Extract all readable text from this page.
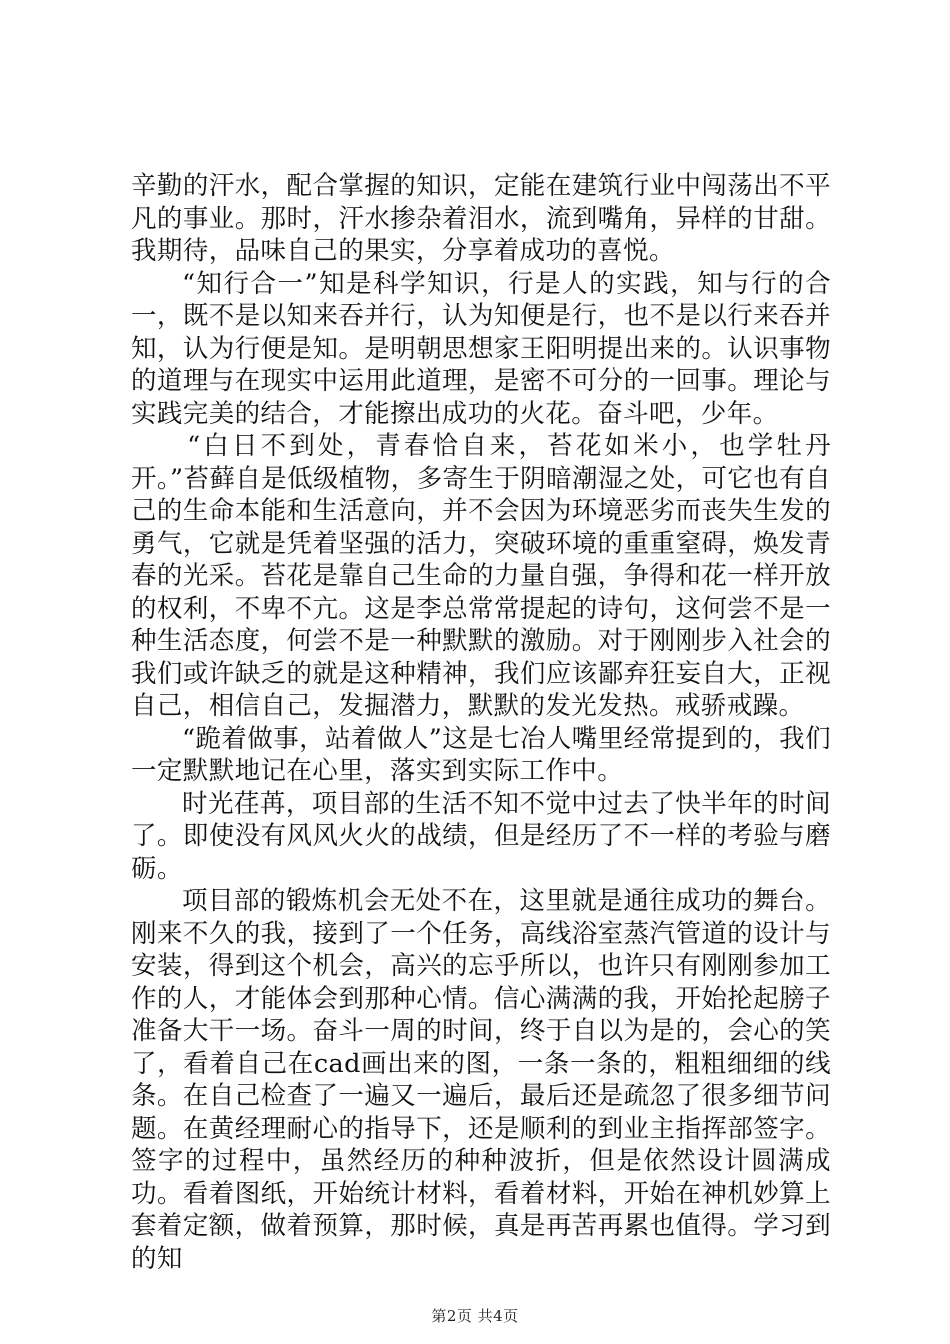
辛勤的汗水，配合掌握的知识，定能在建筑行业中闯荡出不平凡的事业。那时，汗水掺杂着泪水，流到嘴角，异样的甘甜。我期待，品味自己的果实，分享着成功的喜悦。

“知行合一”知是科学知识，行是人的实践，知与行的合一，既不是以知来吞并行，认为知便是行，也不是以行来吞并知，认为行便是知。是明朝思想家王阳明提出来的。认识事物的道理与在现实中运用此道理，是密不可分的一回事。理论与实践完美的结合，才能擦出成功的火花。奋斗吧，少年。

“白日不到处，青春恰自来，苔花如米小，也学牡丹开。”苔藓自是低级植物，多寄生于阴暗潮湿之处，可它也有自己的生命本能和生活意向，并不会因为环境恶劣而丧失生发的勇气，它就是凭着坚强的活力，突破环境的重重窒碍，焕发青春的光采。苔花是靠自己生命的力量自强，争得和花一样开放的权利，不卑不亢。这是李总常常提起的诗句，这何尝不是一种生活态度，何尝不是一种默默的激励。对于刚刚步入社会的我们或许缺乏的就是这种精神，我们应该鄙弃狂妄自大，正视自己，相信自己，发掘潜力，默默的发光发热。戒骄戒躁。

“跪着做事，站着做人”这是七冶人嘴里经常提到的，我们一定默默地记在心里，落实到实际工作中。

时光荏苒，项目部的生活不知不觉中过去了快半年的时间了。即使没有风风火火的战绩，但是经历了不一样的考验与磨砺。

项目部的锻炼机会无处不在，这里就是通往成功的舞台。刚来不久的我，接到了一个任务，高线浴室蒸汽管道的设计与安装，得到这个机会，高兴的忘乎所以，也许只有刚刚参加工作的人，才能体会到那种心情。信心满满的我，开始抡起膀子准备大干一场。奋斗一周的时间，终于自以为是的，会心的笑了，看着自己在cad画出来的图，一条一条的，粗粗细细的线条。在自己检查了一遍又一遍后，最后还是疏忽了很多细节问题。在黄经理耐心的指导下，还是顺利的到业主指挥部签字。签字的过程中，虽然经历的种种波折，但是依然设计圆满成功。看着图纸，开始统计材料，看着材料，开始在神机妙算上套着定额，做着预算，那时候，真是再苦再累也值得。学习到的知

第2页 共4页
